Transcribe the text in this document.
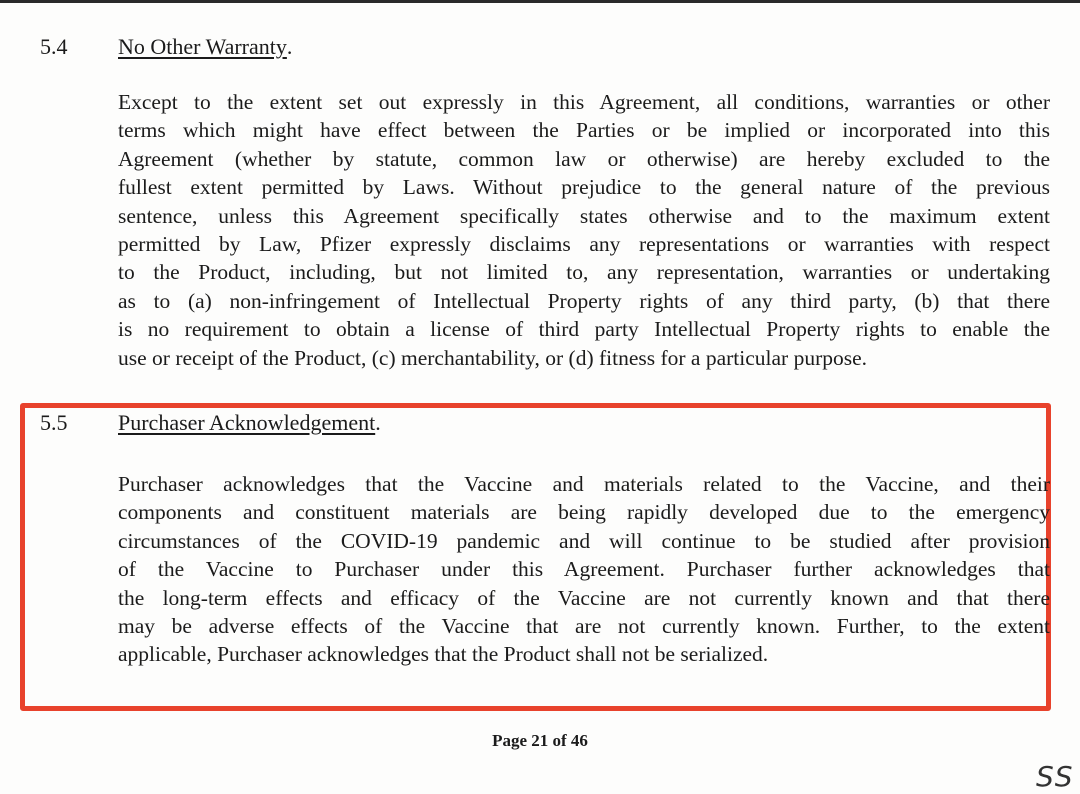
5.4 No Other Warranty.
Except to the extent set out expressly in this Agreement, all conditions, warranties or other
terms which might have effect between the Parties or be implied or incorporated into this
Agreement (whether by statute, common law or otherwise) are hereby excluded to the
fullest extent permitted by Laws. Without prejudice to the general nature of the previous
sentence, unless this Agreement specifically states otherwise and to the maximum extent
permitted by Law, Pfizer expressly disclaims any representations or warranties with respect
to the Product, including, but not limited to, any representation, warranties or undertaking
as to (a) non-infringement of Intellectual Property rights of any third party, (b) that there
is no requirement to obtain a license of third party Intellectual Property rights to enable the
use or receipt of the Product, (c) merchantability, or (d) fitness for a particular purpose.
5.5 Purchaser Acknowledgement.
Purchaser acknowledges that the Vaccine and materials related to the Vaccine, and their
components and constituent materials are being rapidly developed due to the emergency
circumstances of the COVID-19 pandemic and will continue to be studied after provision
of the Vaccine to Purchaser under this Agreement. Purchaser further acknowledges that
the long-term effects and efficacy of the Vaccine are not currently known and that there
may be adverse effects of the Vaccine that are not currently known. Further, to the extent
applicable, Purchaser acknowledges that the Product shall not be serialized.
Page 21 of 46
SS
